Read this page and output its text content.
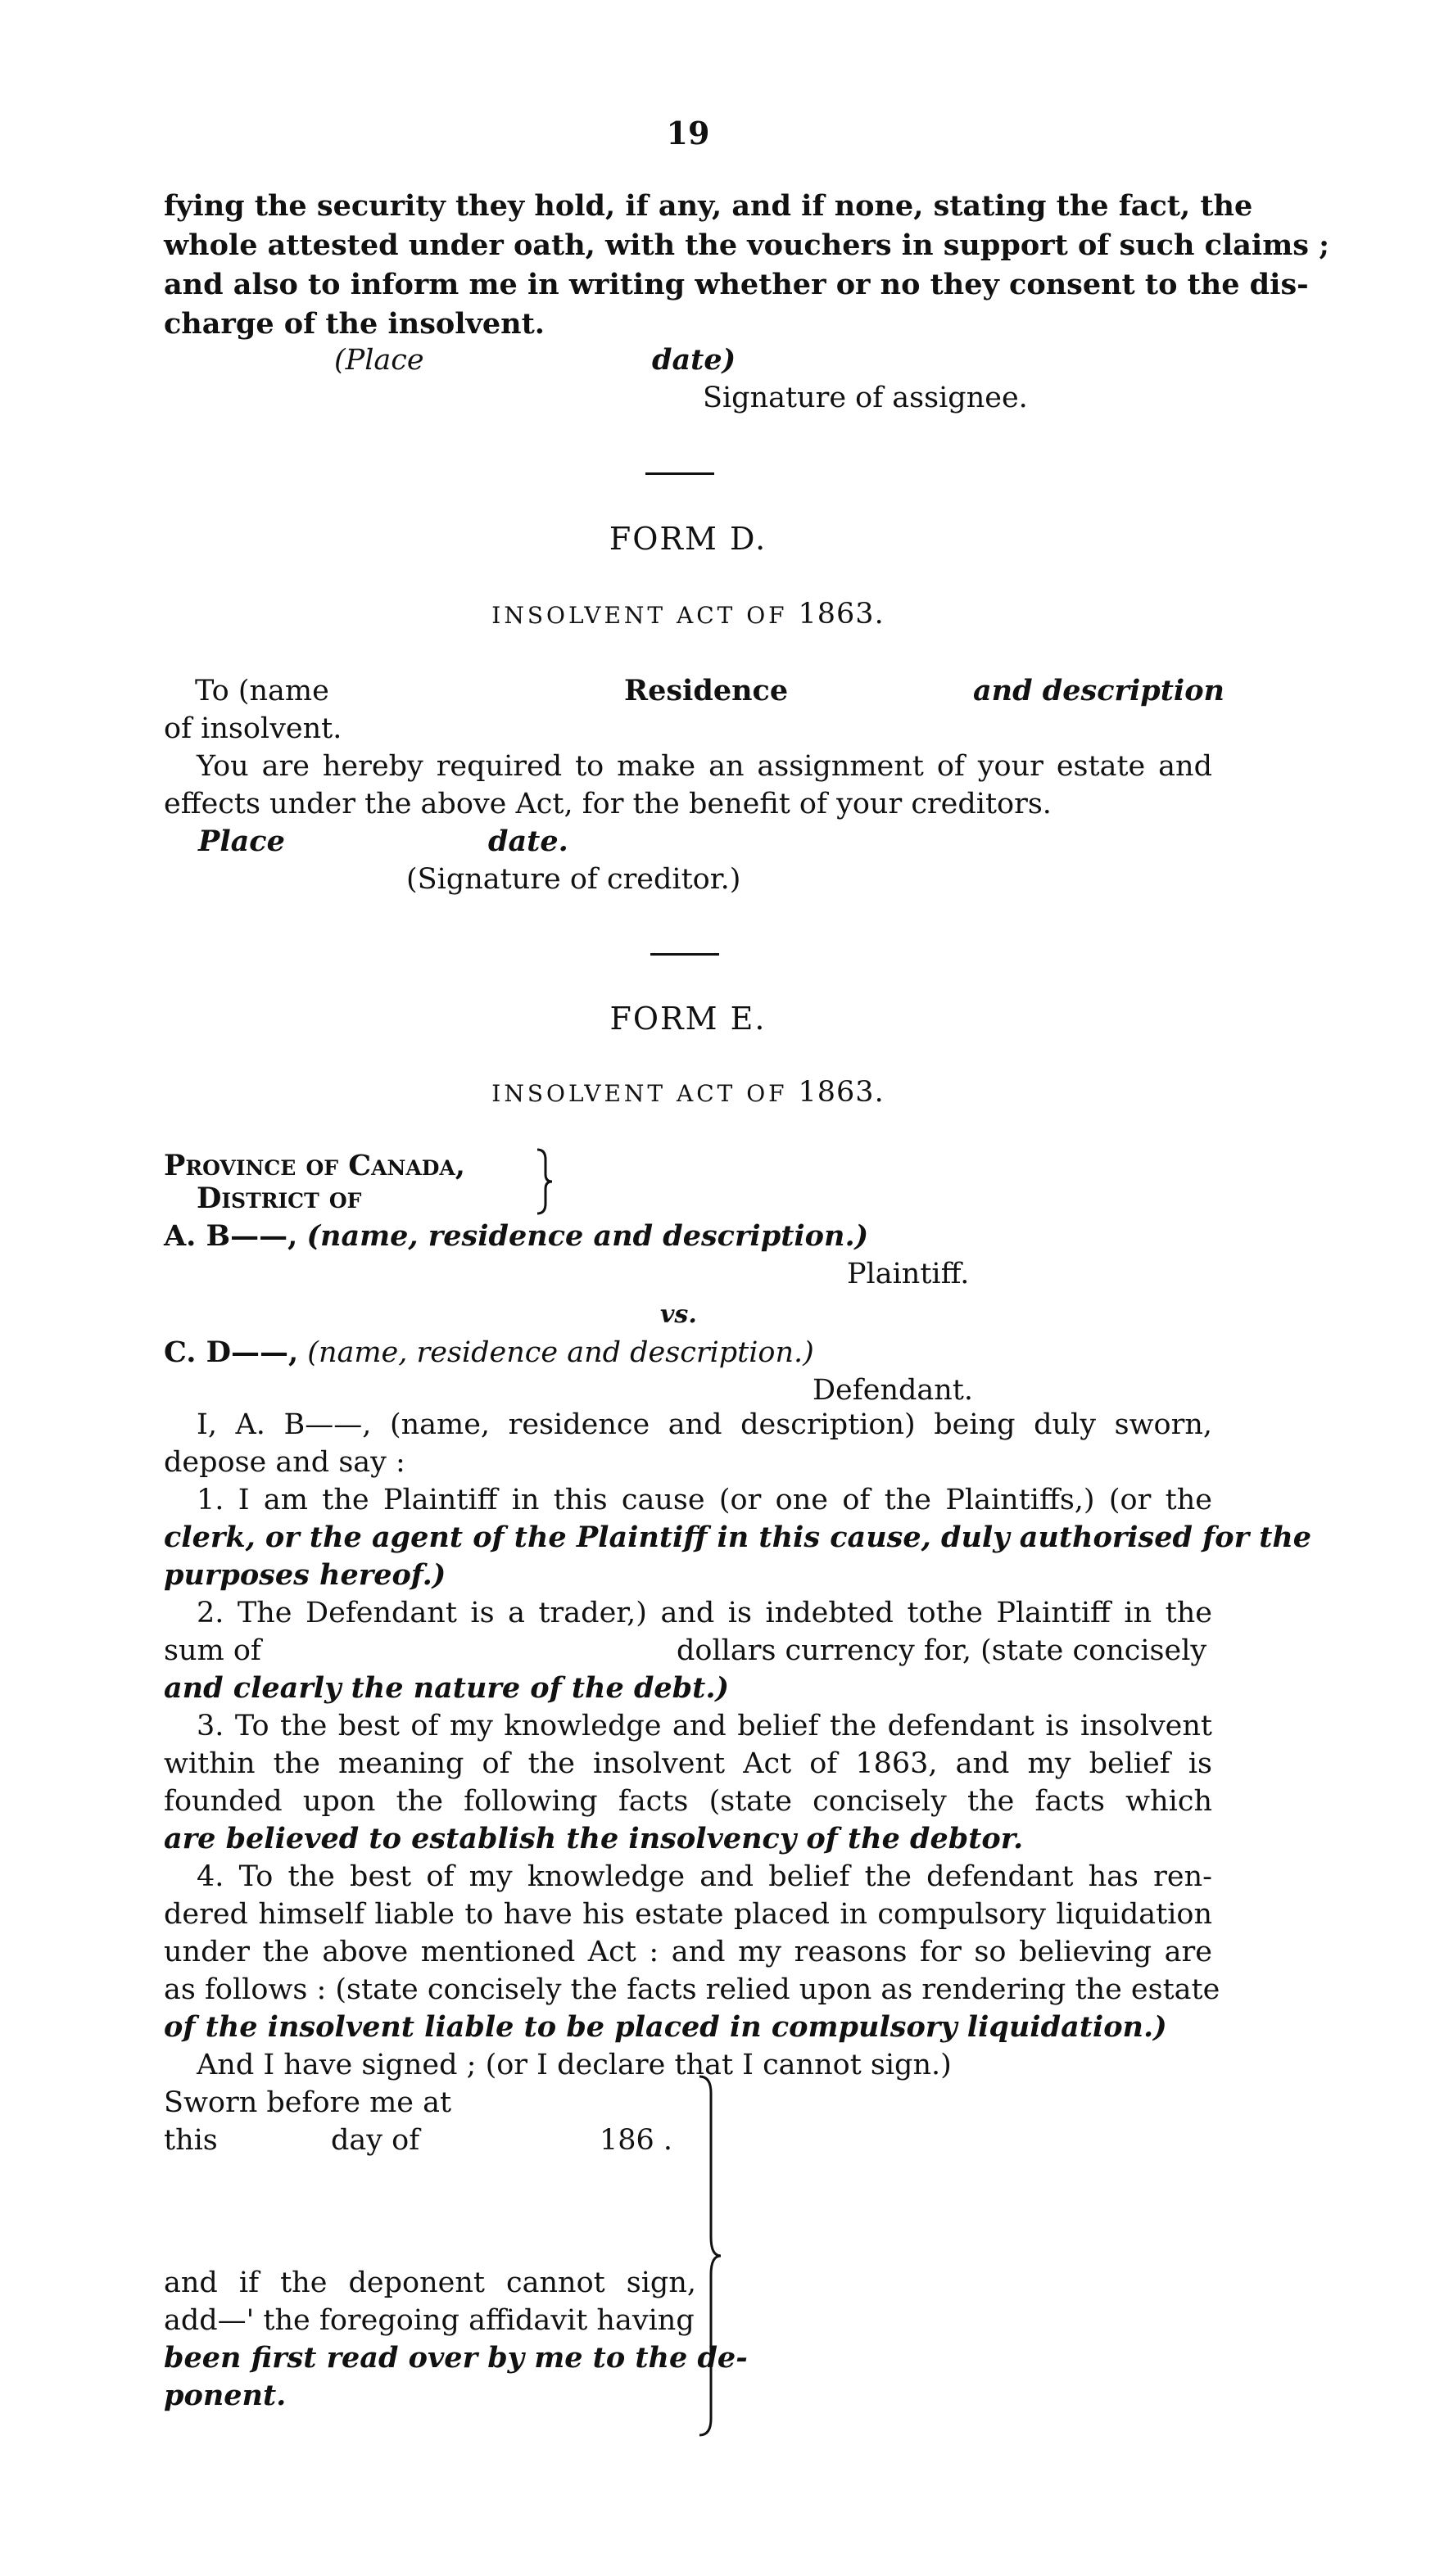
19
fying the security they hold, if any, and if none, stating the fact, the
whole attested under oath, with the vouchers in support of such claims ;
and also to inform me in writing whether or no they consent to the dis-
charge of the insolvent.
(Place	date)
Signature of assignee.
FORM D.
INSOLVENT ACT OF 1863.
To (name	Residence	and description
of insolvent.
You are hereby required to make an assignment of your estate and
effects under the above Act, for the benefit of your creditors.
Place	date.
(Signature of creditor.)
FORM E.
INSOLVENT ACT OF 1863.
Province of Canada,
District of
A. B——, (name, residence and description.)
Plaintiff.
vs.
C. D——, (name, residence and description.)
Defendant.
I, A. B——, (name, residence and description) being duly sworn,
depose and say :
1. I am the Plaintiff in this cause (or one of the Plaintiffs,) (or the
clerk, or the agent of the Plaintiff in this cause, duly authorised for the
purposes hereof.)
2. The Defendant is a trader,) and is indebted tothe Plaintiff in the
sum of	dollars currency for, (state concisely
and clearly the nature of the debt.)
3. To the best of my knowledge and belief the defendant is insolvent
within the meaning of the insolvent Act of 1863, and my belief is
founded upon the following facts (state concisely the facts which
are believed to establish the insolvency of the debtor.
4. To the best of my knowledge and belief the defendant has ren-
dered himself liable to have his estate placed in compulsory liquidation
under the above mentioned Act : and my reasons for so believing are
as follows : (state concisely the facts relied upon as rendering the estate
of the insolvent liable to be placed in compulsory liquidation.)
And I have signed ; (or I declare that I cannot sign.)
Sworn before me at
this	day of	186 .
and if the deponent cannot sign,
add—' the foregoing affidavit having
been first read over by me to the de-
ponent.
